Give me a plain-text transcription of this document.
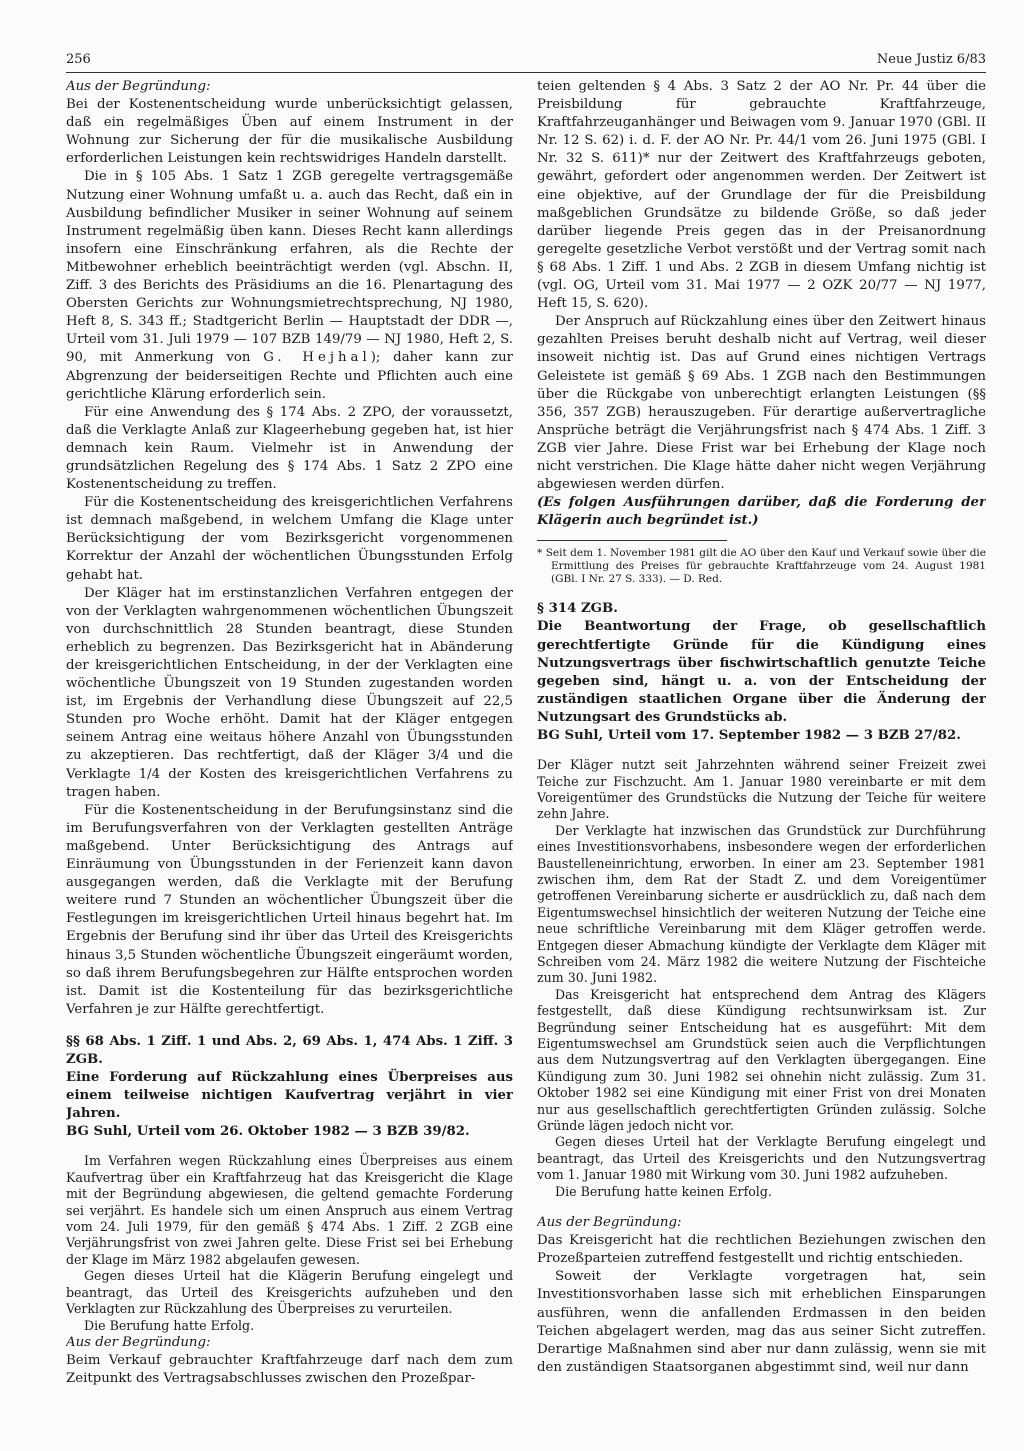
256	Neue Justiz 6/83

Aus der Begründung:

Bei der Kostenentscheidung wurde unberücksichtigt gelassen, daß ein regelmäßiges Üben auf einem Instrument in der Wohnung zur Sicherung der für die musikalische Ausbildung erforderlichen Leistungen kein rechtswidriges Handeln darstellt.

Die in § 105 Abs. 1 Satz 1 ZGB geregelte vertragsgemäße Nutzung einer Wohnung umfaßt u. a. auch das Recht, daß ein in Ausbildung befindlicher Musiker in seiner Wohnung auf seinem Instrument regelmäßig üben kann. Dieses Recht kann allerdings insofern eine Einschränkung erfahren, als die Rechte der Mitbewohner erheblich beeinträchtigt werden (vgl. Abschn. II, Ziff. 3 des Berichts des Präsidiums an die 16. Plenartagung des Obersten Gerichts zur Wohnungsmietrechtsprechung, NJ 1980, Heft 8, S. 343 ff.; Stadtgericht Berlin — Hauptstadt der DDR —, Urteil vom 31. Juli 1979 — 107 BZB 149/79 — NJ 1980, Heft 2, S. 90, mit Anmerkung von G. Hejhal); daher kann zur Abgrenzung der beiderseitigen Rechte und Pflichten auch eine gerichtliche Klärung erforderlich sein.

Für eine Anwendung des § 174 Abs. 2 ZPO, der voraussetzt, daß die Verklagte Anlaß zur Klageerhebung gegeben hat, ist hier demnach kein Raum. Vielmehr ist in Anwendung der grundsätzlichen Regelung des § 174 Abs. 1 Satz 2 ZPO eine Kostenentscheidung zu treffen.

Für die Kostenentscheidung des kreisgerichtlichen Verfahrens ist demnach maßgebend, in welchem Umfang die Klage unter Berücksichtigung der vom Bezirksgericht vorgenommenen Korrektur der Anzahl der wöchentlichen Übungsstunden Erfolg gehabt hat.

Der Kläger hat im erstinstanzlichen Verfahren entgegen der von der Verklagten wahrgenommenen wöchentlichen Übungszeit von durchschnittlich 28 Stunden beantragt, diese Stunden erheblich zu begrenzen. Das Bezirksgericht hat in Abänderung der kreisgerichtlichen Entscheidung, in der der Verklagten eine wöchentliche Übungszeit von 19 Stunden zugestanden worden ist, im Ergebnis der Verhandlung diese Übungszeit auf 22,5 Stunden pro Woche erhöht. Damit hat der Kläger entgegen seinem Antrag eine weitaus höhere Anzahl von Übungsstunden zu akzeptieren. Das rechtfertigt, daß der Kläger 3/4 und die Verklagte 1/4 der Kosten des kreisgerichtlichen Verfahrens zu tragen haben.

Für die Kostenentscheidung in der Berufungsinstanz sind die im Berufungsverfahren von der Verklagten gestellten Anträge maßgebend. Unter Berücksichtigung des Antrags auf Einräumung von Übungsstunden in der Ferienzeit kann davon ausgegangen werden, daß die Verklagte mit der Berufung weitere rund 7 Stunden an wöchentlicher Übungszeit über die Festlegungen im kreisgerichtlichen Urteil hinaus begehrt hat. Im Ergebnis der Berufung sind ihr über das Urteil des Kreisgerichts hinaus 3,5 Stunden wöchentliche Übungszeit eingeräumt worden, so daß ihrem Berufungsbegehren zur Hälfte entsprochen worden ist. Damit ist die Kostenteilung für das bezirksgerichtliche Verfahren je zur Hälfte gerechtfertigt.

§§ 68 Abs. 1 Ziff. 1 und Abs. 2, 69 Abs. 1, 474 Abs. 1 Ziff. 3 ZGB.

Eine Forderung auf Rückzahlung eines Überpreises aus einem teilweise nichtigen Kaufvertrag verjährt in vier Jahren.

BG Suhl, Urteil vom 26. Oktober 1982 — 3 BZB 39/82.

Im Verfahren wegen Rückzahlung eines Überpreises aus einem Kaufvertrag über ein Kraftfahrzeug hat das Kreisgericht die Klage mit der Begründung abgewiesen, die geltend gemachte Forderung sei verjährt. Es handele sich um einen Anspruch aus einem Vertrag vom 24. Juli 1979, für den gemäß § 474 Abs. 1 Ziff. 2 ZGB eine Verjährungsfrist von zwei Jahren gelte. Diese Frist sei bei Erhebung der Klage im März 1982 abgelaufen gewesen.

Gegen dieses Urteil hat die Klägerin Berufung eingelegt und beantragt, das Urteil des Kreisgerichts aufzuheben und den Verklagten zur Rückzahlung des Überpreises zu verurteilen.

Die Berufung hatte Erfolg.

Aus der Begründung:

Beim Verkauf gebrauchter Kraftfahrzeuge darf nach dem zum Zeitpunkt des Vertragsabschlusses zwischen den Prozeßpar-

teien geltenden § 4 Abs. 3 Satz 2 der AO Nr. Pr. 44 über die Preisbildung für gebrauchte Kraftfahrzeuge, Kraftfahrzeuganhänger und Beiwagen vom 9. Januar 1970 (GBl. II Nr. 12 S. 62) i. d. F. der AO Nr. Pr. 44/1 vom 26. Juni 1975 (GBl. I Nr. 32 S. 611)* nur der Zeitwert des Kraftfahrzeugs geboten, gewährt, gefordert oder angenommen werden. Der Zeitwert ist eine objektive, auf der Grundlage der für die Preisbildung maßgeblichen Grundsätze zu bildende Größe, so daß jeder darüber liegende Preis gegen das in der Preisanordnung geregelte gesetzliche Verbot verstößt und der Vertrag somit nach § 68 Abs. 1 Ziff. 1 und Abs. 2 ZGB in diesem Umfang nichtig ist (vgl. OG, Urteil vom 31. Mai 1977 — 2 OZK 20/77 — NJ 1977, Heft 15, S. 620).

Der Anspruch auf Rückzahlung eines über den Zeitwert hinaus gezahlten Preises beruht deshalb nicht auf Vertrag, weil dieser insoweit nichtig ist. Das auf Grund eines nichtigen Vertrags Geleistete ist gemäß § 69 Abs. 1 ZGB nach den Bestimmungen über die Rückgabe von unberechtigt erlangten Leistungen (§§ 356, 357 ZGB) herauszugeben. Für derartige außervertragliche Ansprüche beträgt die Verjährungsfrist nach § 474 Abs. 1 Ziff. 3 ZGB vier Jahre. Diese Frist war bei Erhebung der Klage noch nicht verstrichen. Die Klage hätte daher nicht wegen Verjährung abgewiesen werden dürfen.

(Es folgen Ausführungen darüber, daß die Forderung der Klägerin auch begründet ist.)

* Seit dem 1. November 1981 gilt die AO über den Kauf und Verkauf sowie über die Ermittlung des Preises für gebrauchte Kraftfahrzeuge vom 24. August 1981 (GBl. I Nr. 27 S. 333). — D. Red.

§ 314 ZGB.

Die Beantwortung der Frage, ob gesellschaftlich gerechtfertigte Gründe für die Kündigung eines Nutzungsvertrags über fischwirtschaftlich genutzte Teiche gegeben sind, hängt u. a. von der Entscheidung der zuständigen staatlichen Organe über die Änderung der Nutzungsart des Grundstücks ab.

BG Suhl, Urteil vom 17. September 1982 — 3 BZB 27/82.

Der Kläger nutzt seit Jahrzehnten während seiner Freizeit zwei Teiche zur Fischzucht. Am 1. Januar 1980 vereinbarte er mit dem Voreigentümer des Grundstücks die Nutzung der Teiche für weitere zehn Jahre.

Der Verklagte hat inzwischen das Grundstück zur Durchführung eines Investitionsvorhabens, insbesondere wegen der erforderlichen Baustelleneinrichtung, erworben. In einer am 23. September 1981 zwischen ihm, dem Rat der Stadt Z. und dem Voreigentümer getroffenen Vereinbarung sicherte er ausdrücklich zu, daß nach dem Eigentumswechsel hinsichtlich der weiteren Nutzung der Teiche eine neue schriftliche Vereinbarung mit dem Kläger getroffen werde. Entgegen dieser Abmachung kündigte der Verklagte dem Kläger mit Schreiben vom 24. März 1982 die weitere Nutzung der Fischteiche zum 30. Juni 1982.

Das Kreisgericht hat entsprechend dem Antrag des Klägers festgestellt, daß diese Kündigung rechtsunwirksam ist. Zur Begründung seiner Entscheidung hat es ausgeführt: Mit dem Eigentumswechsel am Grundstück seien auch die Verpflichtungen aus dem Nutzungsvertrag auf den Verklagten übergegangen. Eine Kündigung zum 30. Juni 1982 sei ohnehin nicht zulässig. Zum 31. Oktober 1982 sei eine Kündigung mit einer Frist von drei Monaten nur aus gesellschaftlich gerechtfertigten Gründen zulässig. Solche Gründe lägen jedoch nicht vor.

Gegen dieses Urteil hat der Verklagte Berufung eingelegt und beantragt, das Urteil des Kreisgerichts und den Nutzungsvertrag vom 1. Januar 1980 mit Wirkung vom 30. Juni 1982 aufzuheben.

Die Berufung hatte keinen Erfolg.

Aus der Begründung:

Das Kreisgericht hat die rechtlichen Beziehungen zwischen den Prozeßparteien zutreffend festgestellt und richtig entschieden.

Soweit der Verklagte vorgetragen hat, sein Investitionsvorhaben lasse sich mit erheblichen Einsparungen ausführen, wenn die anfallenden Erdmassen in den beiden Teichen abgelagert werden, mag das aus seiner Sicht zutreffen. Derartige Maßnahmen sind aber nur dann zulässig, wenn sie mit den zuständigen Staatsorganen abgestimmt sind, weil nur dann
